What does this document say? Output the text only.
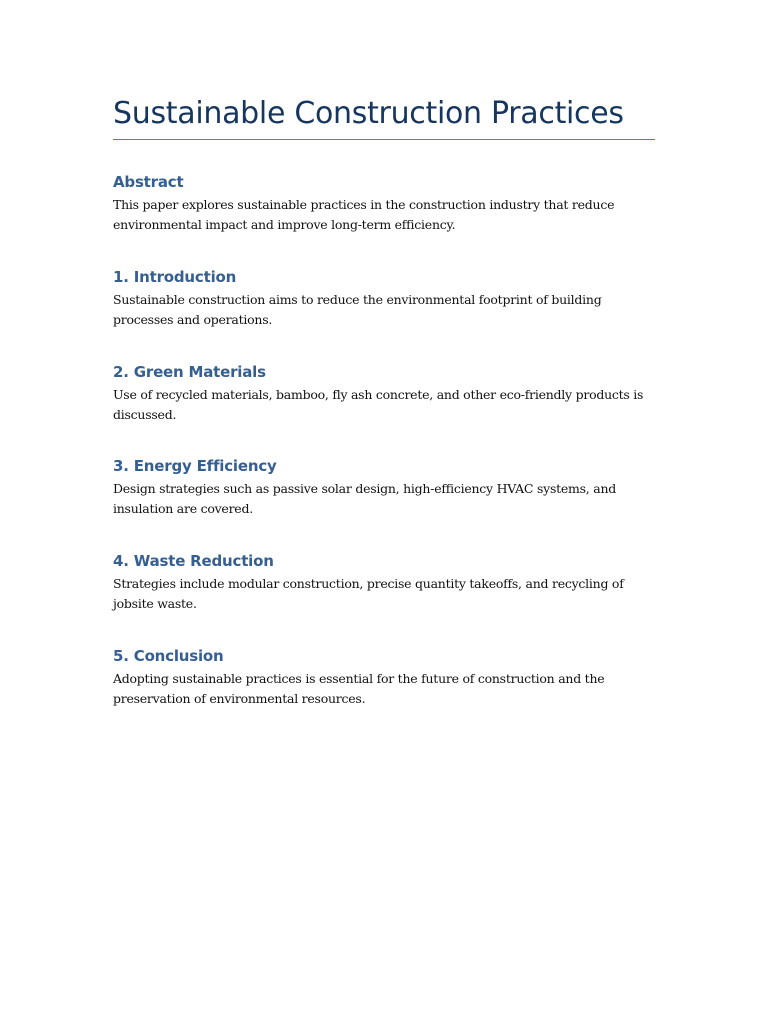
Sustainable Construction Practices
Abstract

This paper explores sustainable practices in the construction industry that reduce environmental impact and improve long-term efficiency.

1. Introduction

Sustainable construction aims to reduce the environmental footprint of building processes and operations.

2. Green Materials

Use of recycled materials, bamboo, fly ash concrete, and other eco-friendly products is discussed.

3. Energy Efficiency

Design strategies such as passive solar design, high-efficiency HVAC systems, and insulation are covered.

4. Waste Reduction

Strategies include modular construction, precise quantity takeoffs, and recycling of jobsite waste.

5. Conclusion

Adopting sustainable practices is essential for the future of construction and the preservation of environmental resources.
